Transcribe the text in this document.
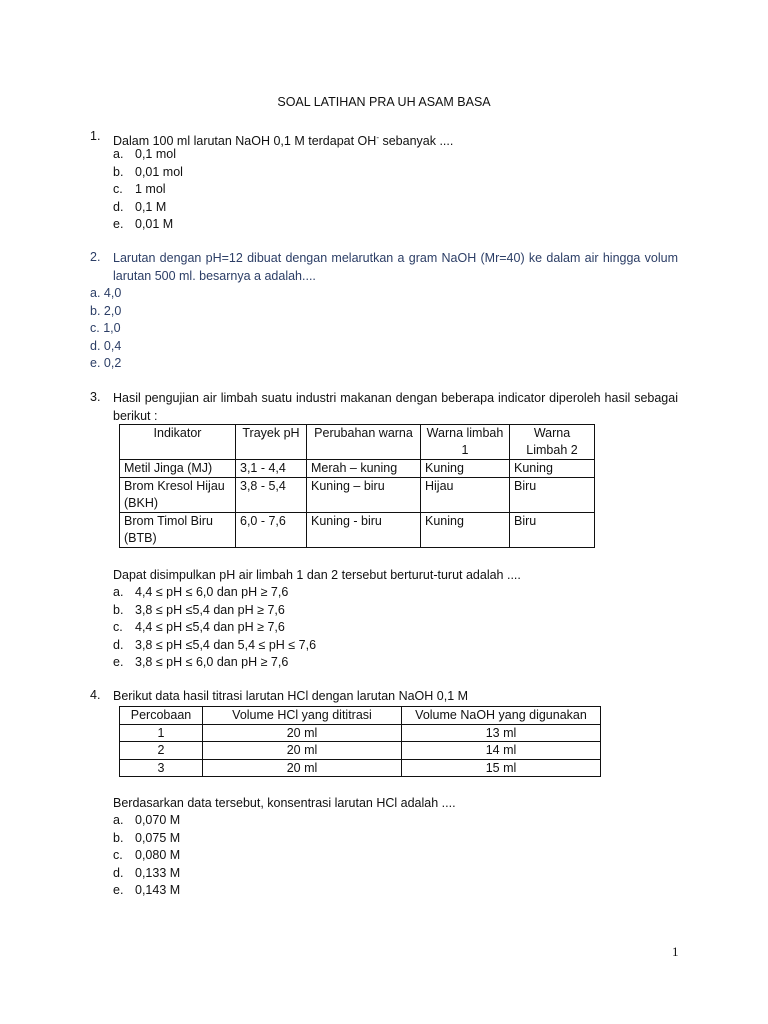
SOAL LATIHAN PRA UH ASAM BASA
1. Dalam 100 ml larutan NaOH 0,1 M terdapat OH- sebanyak ....
a. 0,1 mol
b. 0,01 mol
c. 1 mol
d. 0,1 M
e. 0,01 M
2. Larutan dengan pH=12 dibuat dengan melarutkan a gram NaOH (Mr=40) ke dalam air hingga volum larutan 500 ml. besarnya a adalah....
a. 4,0
b. 2,0
c. 1,0
d. 0,4
e. 0,2
3. Hasil pengujian air limbah suatu industri makanan dengan beberapa indicator diperoleh hasil sebagai berikut :
Indikator	Trayek pH	Perubahan warna	Warna limbah 1	Warna Limbah 2
Metil Jinga (MJ)	3,1 - 4,4	Merah – kuning	Kuning	Kuning
Brom Kresol Hijau (BKH)	3,8 - 5,4	Kuning – biru	Hijau	Biru
Brom Timol Biru (BTB)	6,0 - 7,6	Kuning - biru	Kuning	Biru
Dapat disimpulkan pH air limbah 1 dan 2 tersebut berturut-turut adalah ....
a. 4,4 ≤ pH ≤ 6,0 dan pH ≥ 7,6
b. 3,8 ≤ pH ≤5,4 dan pH ≥ 7,6
c. 4,4 ≤ pH ≤5,4 dan pH ≥ 7,6
d. 3,8 ≤ pH ≤5,4 dan 5,4 ≤ pH ≤ 7,6
e. 3,8 ≤ pH ≤ 6,0 dan pH ≥ 7,6
4. Berikut data hasil titrasi larutan HCl dengan larutan NaOH 0,1 M
Percobaan	Volume HCl yang dititrasi	Volume NaOH yang digunakan
1	20 ml	13 ml
2	20 ml	14 ml
3	20 ml	15 ml
Berdasarkan data tersebut, konsentrasi larutan HCl adalah ....
a. 0,070 M
b. 0,075 M
c. 0,080 M
d. 0,133 M
e. 0,143 M
1
